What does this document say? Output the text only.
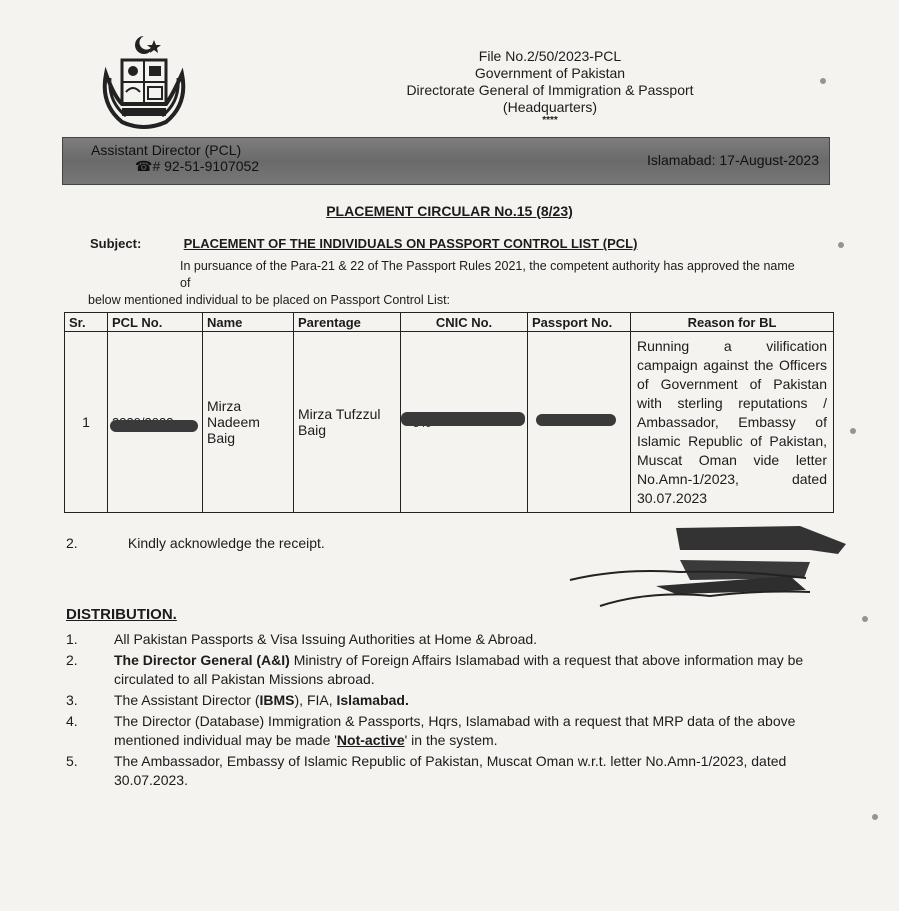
File No.2/50/2023-PCL
Government of Pakistan
Directorate General of Immigration & Passport
(Headquarters)
****
Assistant Director (PCL)
☎# 92-51-9107052	Islamabad: 17-August-2023
PLACEMENT CIRCULAR No.15 (8/23)
Subject:	PLACEMENT OF THE INDIVIDUALS ON PASSPORT CONTROL LIST (PCL)
In pursuance of the Para-21 & 22 of The Passport Rules 2021, the competent authority has approved the name of
below mentioned individual to be placed on Passport Control List:
Sr.	PCL No.	Name	Parentage	CNIC No.	Passport No.	Reason for BL
1		Mirza Nadeem Baig	Mirza Tufzzul Baig			Running a vilification campaign against the Officers of Government of Pakistan with sterling reputations / Ambassador, Embassy of Islamic Republic of Pakistan, Muscat Oman vide letter No.Amn-1/2023, dated 30.07.2023
2.	Kindly acknowledge the receipt.
DISTRIBUTION.
1.	All Pakistan Passports & Visa Issuing Authorities at Home & Abroad.
2.	The Director General (A&I) Ministry of Foreign Affairs Islamabad with a request that above information may be circulated to all Pakistan Missions abroad.
3.	The Assistant Director (IBMS), FIA, Islamabad.
4.	The Director (Database) Immigration & Passports, Hqrs, Islamabad with a request that MRP data of the above mentioned individual may be made 'Not-active' in the system.
5.	The Ambassador, Embassy of Islamic Republic of Pakistan, Muscat Oman w.r.t. letter No.Amn-1/2023, dated 30.07.2023.
